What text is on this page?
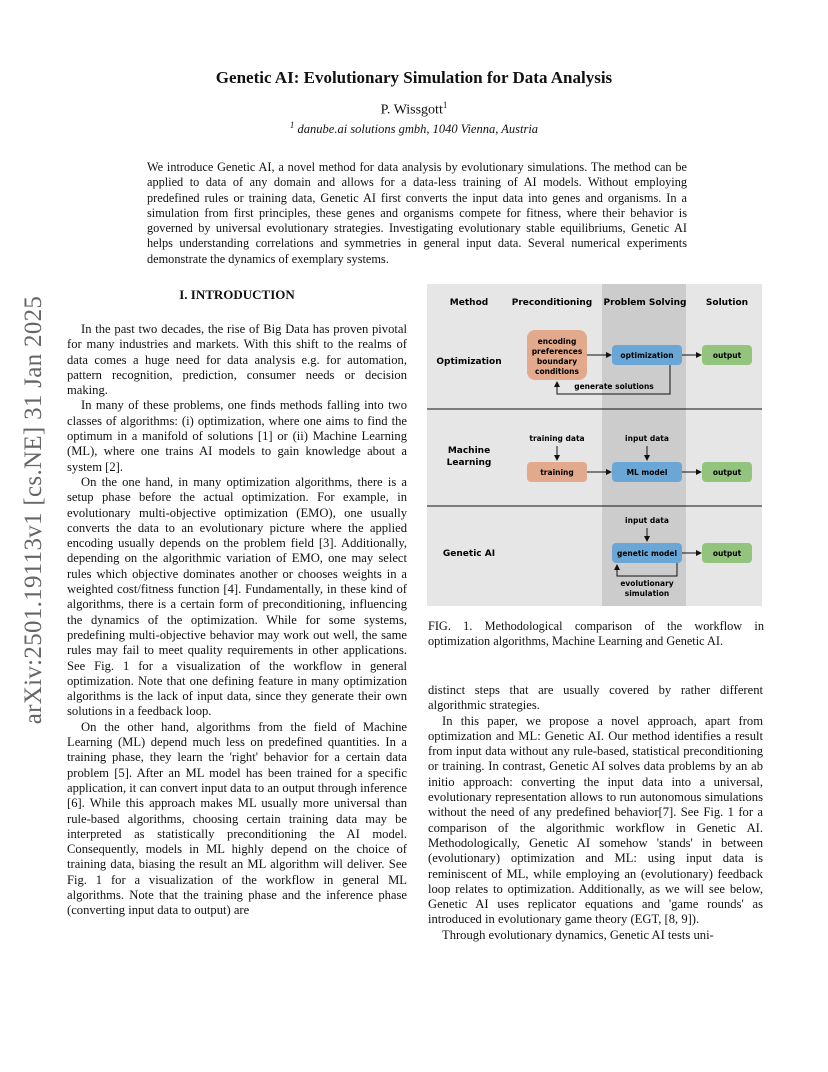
Genetic AI: Evolutionary Simulation for Data Analysis
P. Wissgott$^1$
$^1$ danube.ai solutions gmbh, 1040 Vienna, Austria
We introduce Genetic AI, a novel method for data analysis by evolutionary simulations. The method can be applied to data of any domain and allows for a data-less training of AI models. Without employing predefined rules or training data, Genetic AI first converts the input data into genes and organisms. In a simulation from first principles, these genes and organisms compete for fitness, where their behavior is governed by universal evolutionary strategies. Investigating evolutionary stable equilibriums, Genetic AI helps understanding correlations and symmetries in general input data. Several numerical experiments demonstrate the dynamics of exemplary systems.
arXiv:2501.19113v1 [cs.NE] 31 Jan 2025
I. INTRODUCTION

In the past two decades, the rise of Big Data has proven pivotal for many industries and markets. With this shift to the realms of data comes a huge need for data analysis e.g. for automation, pattern recognition, prediction, consumer needs or decision making.

In many of these problems, one finds methods falling into two classes of algorithms: (i) optimization, where one aims to find the optimum in a manifold of solutions [1] or (ii) Machine Learning (ML), where one trains AI models to gain knowledge about a system [2].

On the one hand, in many optimization algorithms, there is a setup phase before the actual optimization. For example, in evolutionary multi-objective optimization (EMO), one usually converts the data to an evolutionary picture where the applied encoding usually depends on the problem field [3]. Additionally, depending on the algorithmic variation of EMO, one may select rules which objective dominates another or chooses weights in a weighted cost/fitness function [4]. Fundamentally, in these kind of algorithms, there is a certain form of preconditioning, influencing the dynamics of the optimization. While for some systems, predefining multi-objective behavior may work out well, the same rules may fail to meet quality requirements in other applications. See Fig. 1 for a visualization of the workflow in general optimization. Note that one defining feature in many optimization algorithms is the lack of input data, since they generate their own solutions in a feedback loop.

On the other hand, algorithms from the field of Machine Learning (ML) depend much less on predefined quantities. In a training phase, they learn the 'right' behavior for a certain data problem [5]. After an ML model has been trained for a specific application, it can convert input data to an output through inference [6]. While this approach makes ML usually more universal than rule-based algorithms, choosing certain training data may be interpreted as statistically preconditioning the AI model. Consequently, models in ML highly depend on the choice of training data, biasing the result an ML algorithm will deliver. See Fig. 1 for a visualization of the workflow in general ML algorithms. Note that the training phase and the inference phase (converting input data to output) are

Method	Preconditioning Problem Solving Solution
Optimization
encoding
preferences
boundary
conditions
optimization	output
generate solutions
Machine
Learning
training data
training
input data
ML model	output
Genetic AI
input data
genetic model	output
evolutionary
simulation
FIG. 1. Methodological comparison of the workflow in optimization algorithms, Machine Learning and Genetic AI.

distinct steps that are usually covered by rather different algorithmic strategies.

In this paper, we propose a novel approach, apart from optimization and ML: Genetic AI. Our method identifies a result from input data without any rule-based, statistical preconditioning or training. In contrast, Genetic AI solves data problems by an ab initio approach: converting the input data into a universal, evolutionary representation allows to run autonomous simulations without the need of any predefined behavior[7]. See Fig. 1 for a comparison of the algorithmic workflow in Genetic AI. Methodologically, Genetic AI somehow 'stands' in between (evolutionary) optimization and ML: using input data is reminiscent of ML, while employing an (evolutionary) feedback loop relates to optimization. Additionally, as we will see below, Genetic AI uses replicator equations and 'game rounds' as introduced in evolutionary game theory (EGT, [8, 9]).

Through evolutionary dynamics, Genetic AI tests uni-
